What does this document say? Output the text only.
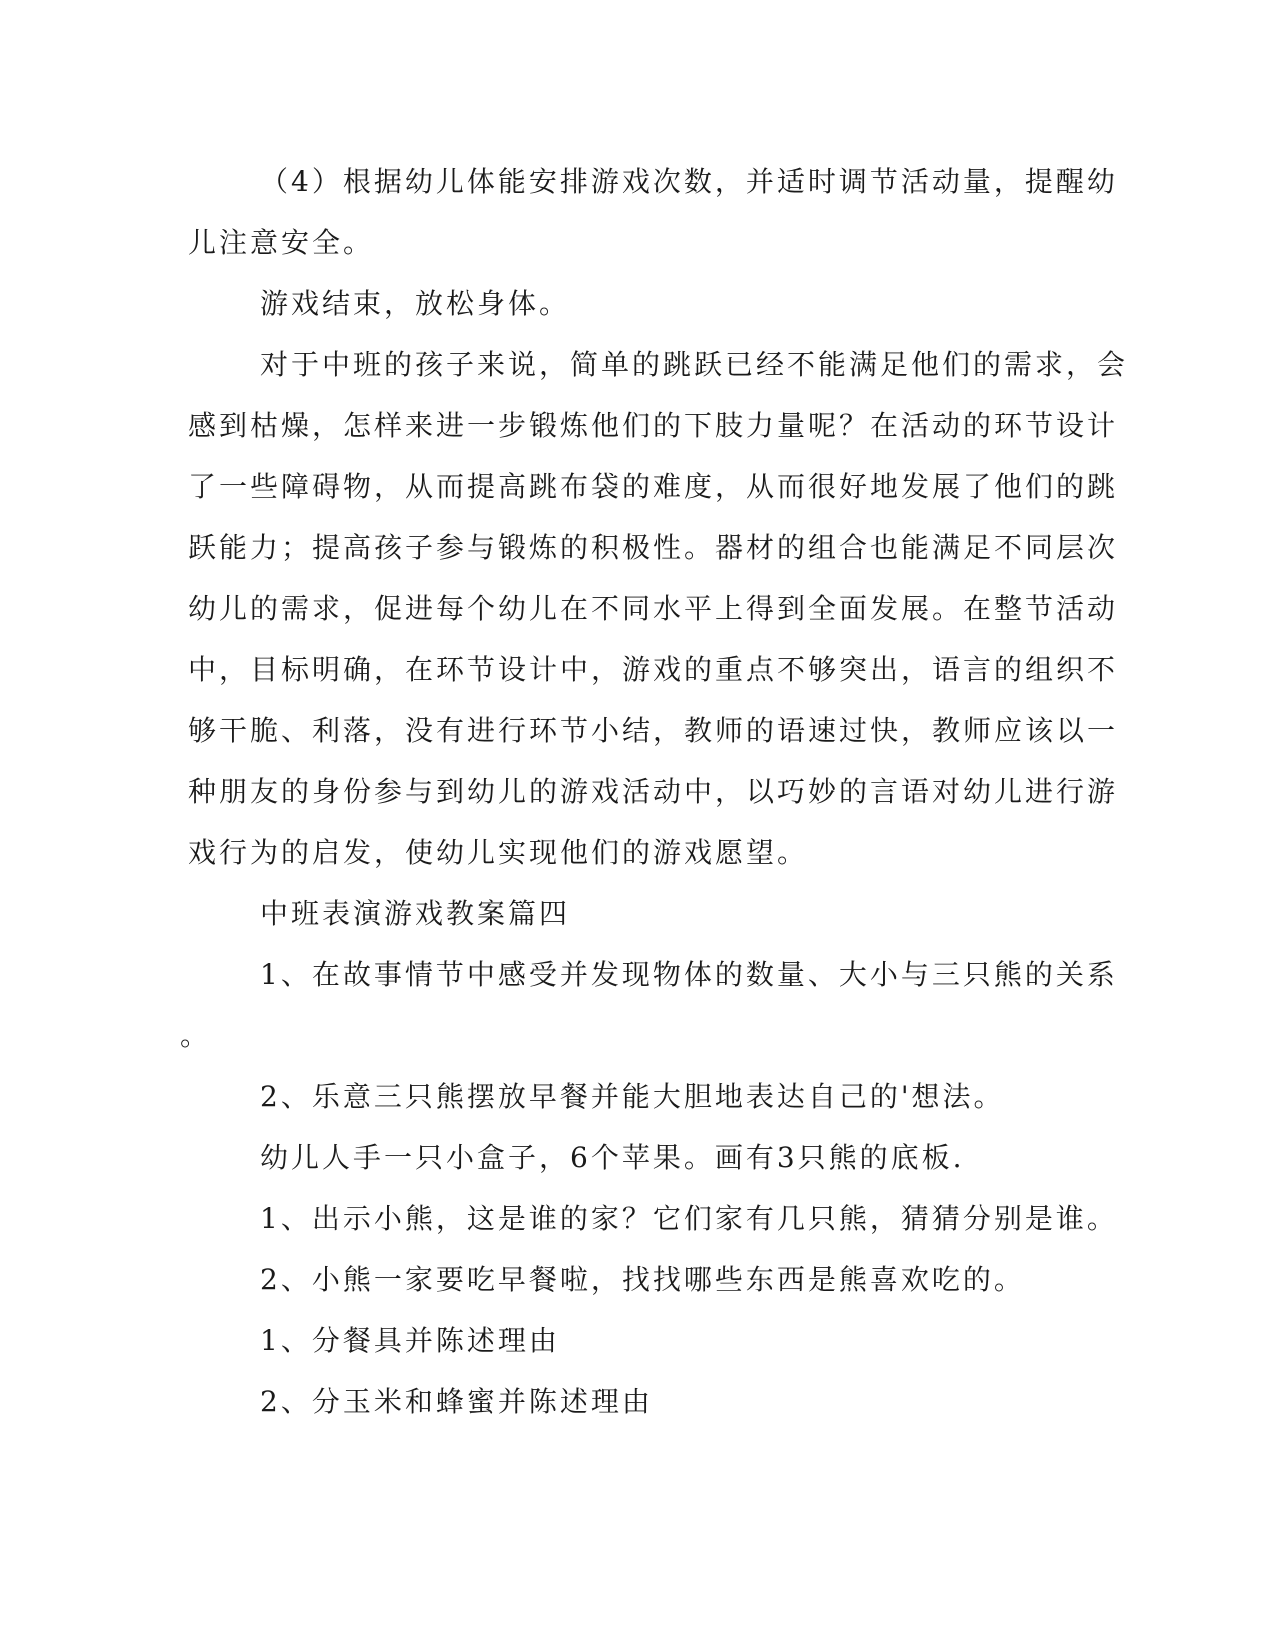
（4）根据幼儿体能安排游戏次数，并适时调节活动量，提醒幼
儿注意安全。
游戏结束，放松身体。
对于中班的孩子来说，简单的跳跃已经不能满足他们的需求，会
感到枯燥，怎样来进一步锻炼他们的下肢力量呢？在活动的环节设计
了一些障碍物，从而提高跳布袋的难度，从而很好地发展了他们的跳
跃能力；提高孩子参与锻炼的积极性。器材的组合也能满足不同层次
幼儿的需求，促进每个幼儿在不同水平上得到全面发展。在整节活动
中，目标明确，在环节设计中，游戏的重点不够突出，语言的组织不
够干脆、利落，没有进行环节小结，教师的语速过快，教师应该以一
种朋友的身份参与到幼儿的游戏活动中，以巧妙的言语对幼儿进行游
戏行为的启发，使幼儿实现他们的游戏愿望。
中班表演游戏教案篇四
1、在故事情节中感受并发现物体的数量、大小与三只熊的关系
。
2、乐意三只熊摆放早餐并能大胆地表达自己的'想法。
幼儿人手一只小盒子，6个苹果。画有3只熊的底板.
1、出示小熊，这是谁的家？它们家有几只熊，猜猜分别是谁。
2、小熊一家要吃早餐啦，找找哪些东西是熊喜欢吃的。
1、分餐具并陈述理由
2、分玉米和蜂蜜并陈述理由
